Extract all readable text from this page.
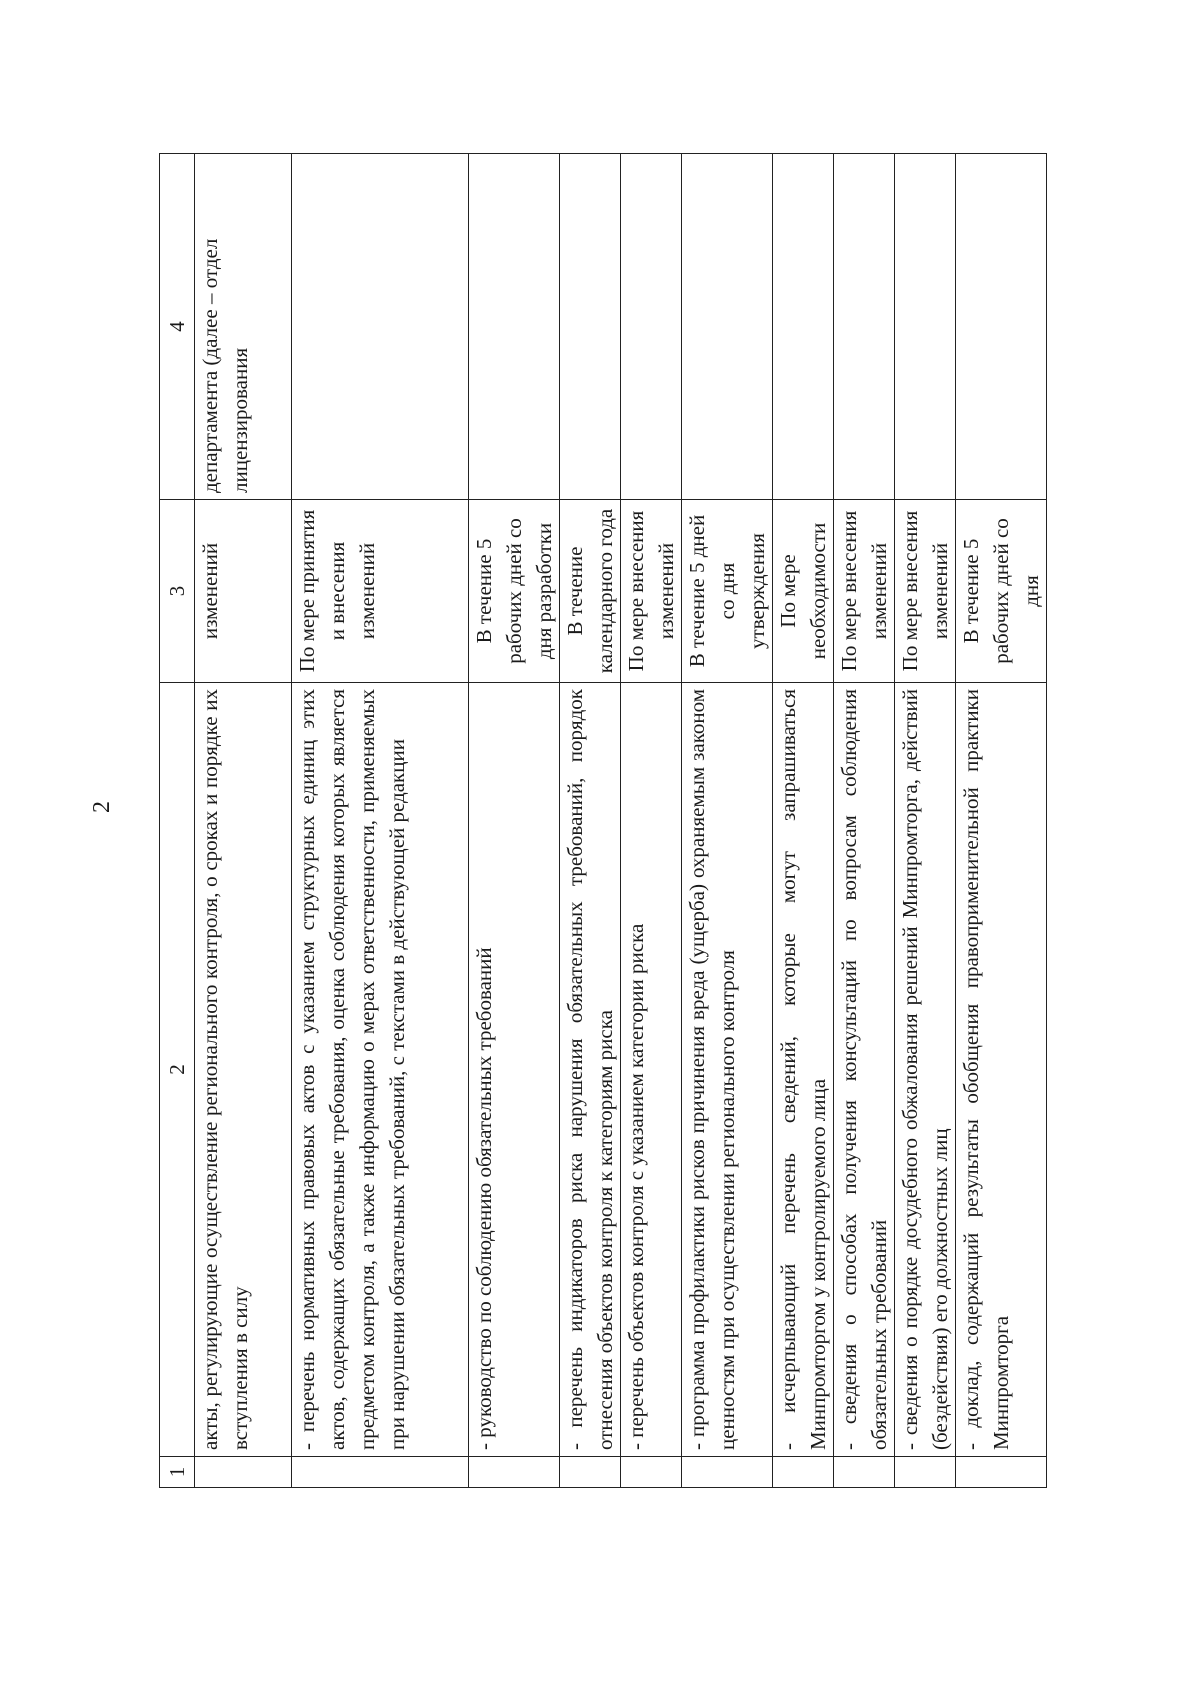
2
1	2	3	4
	акты, регулирующие осуществление регионального контроля, о сроках и порядке их вступления в силу	изменений	департамента (далее – отдел лицензирования
	- перечень нормативных правовых актов с указанием структурных единиц этих актов, содержащих обязательные требования, оценка соблюдения которых является предметом контроля, а также информацию о мерах ответственности, применяемых при нарушении обязательных требований, с текстами в действующей редакции	По мере принятия и внесения изменений	
	- руководство по соблюдению обязательных требований	В течение 5 рабочих дней со дня разработки	
	- перечень индикаторов риска нарушения обязательных требований, порядок отнесения объектов контроля к категориям риска	В течение календарного года	
	- перечень объектов контроля с указанием категории риска	По мере внесения изменений	
	- программа профилактики рисков причинения вреда (ущерба) охраняемым законом ценностям при осуществлении регионального контроля	В течение 5 дней со дня утверждения	
	- исчерпывающий перечень сведений, которые могут запрашиваться Минпромторгом у контролируемого лица	По мере необходимости	
	- сведения о способах получения консультаций по вопросам соблюдения обязательных требований	По мере внесения изменений	
	- сведения о порядке досудебного обжалования решений Минпромторга, действий (бездействия) его должностных лиц	По мере внесения изменений	
	- доклад, содержащий результаты обобщения правоприменительной практики Минпромторга	В течение 5 рабочих дней со дня	
